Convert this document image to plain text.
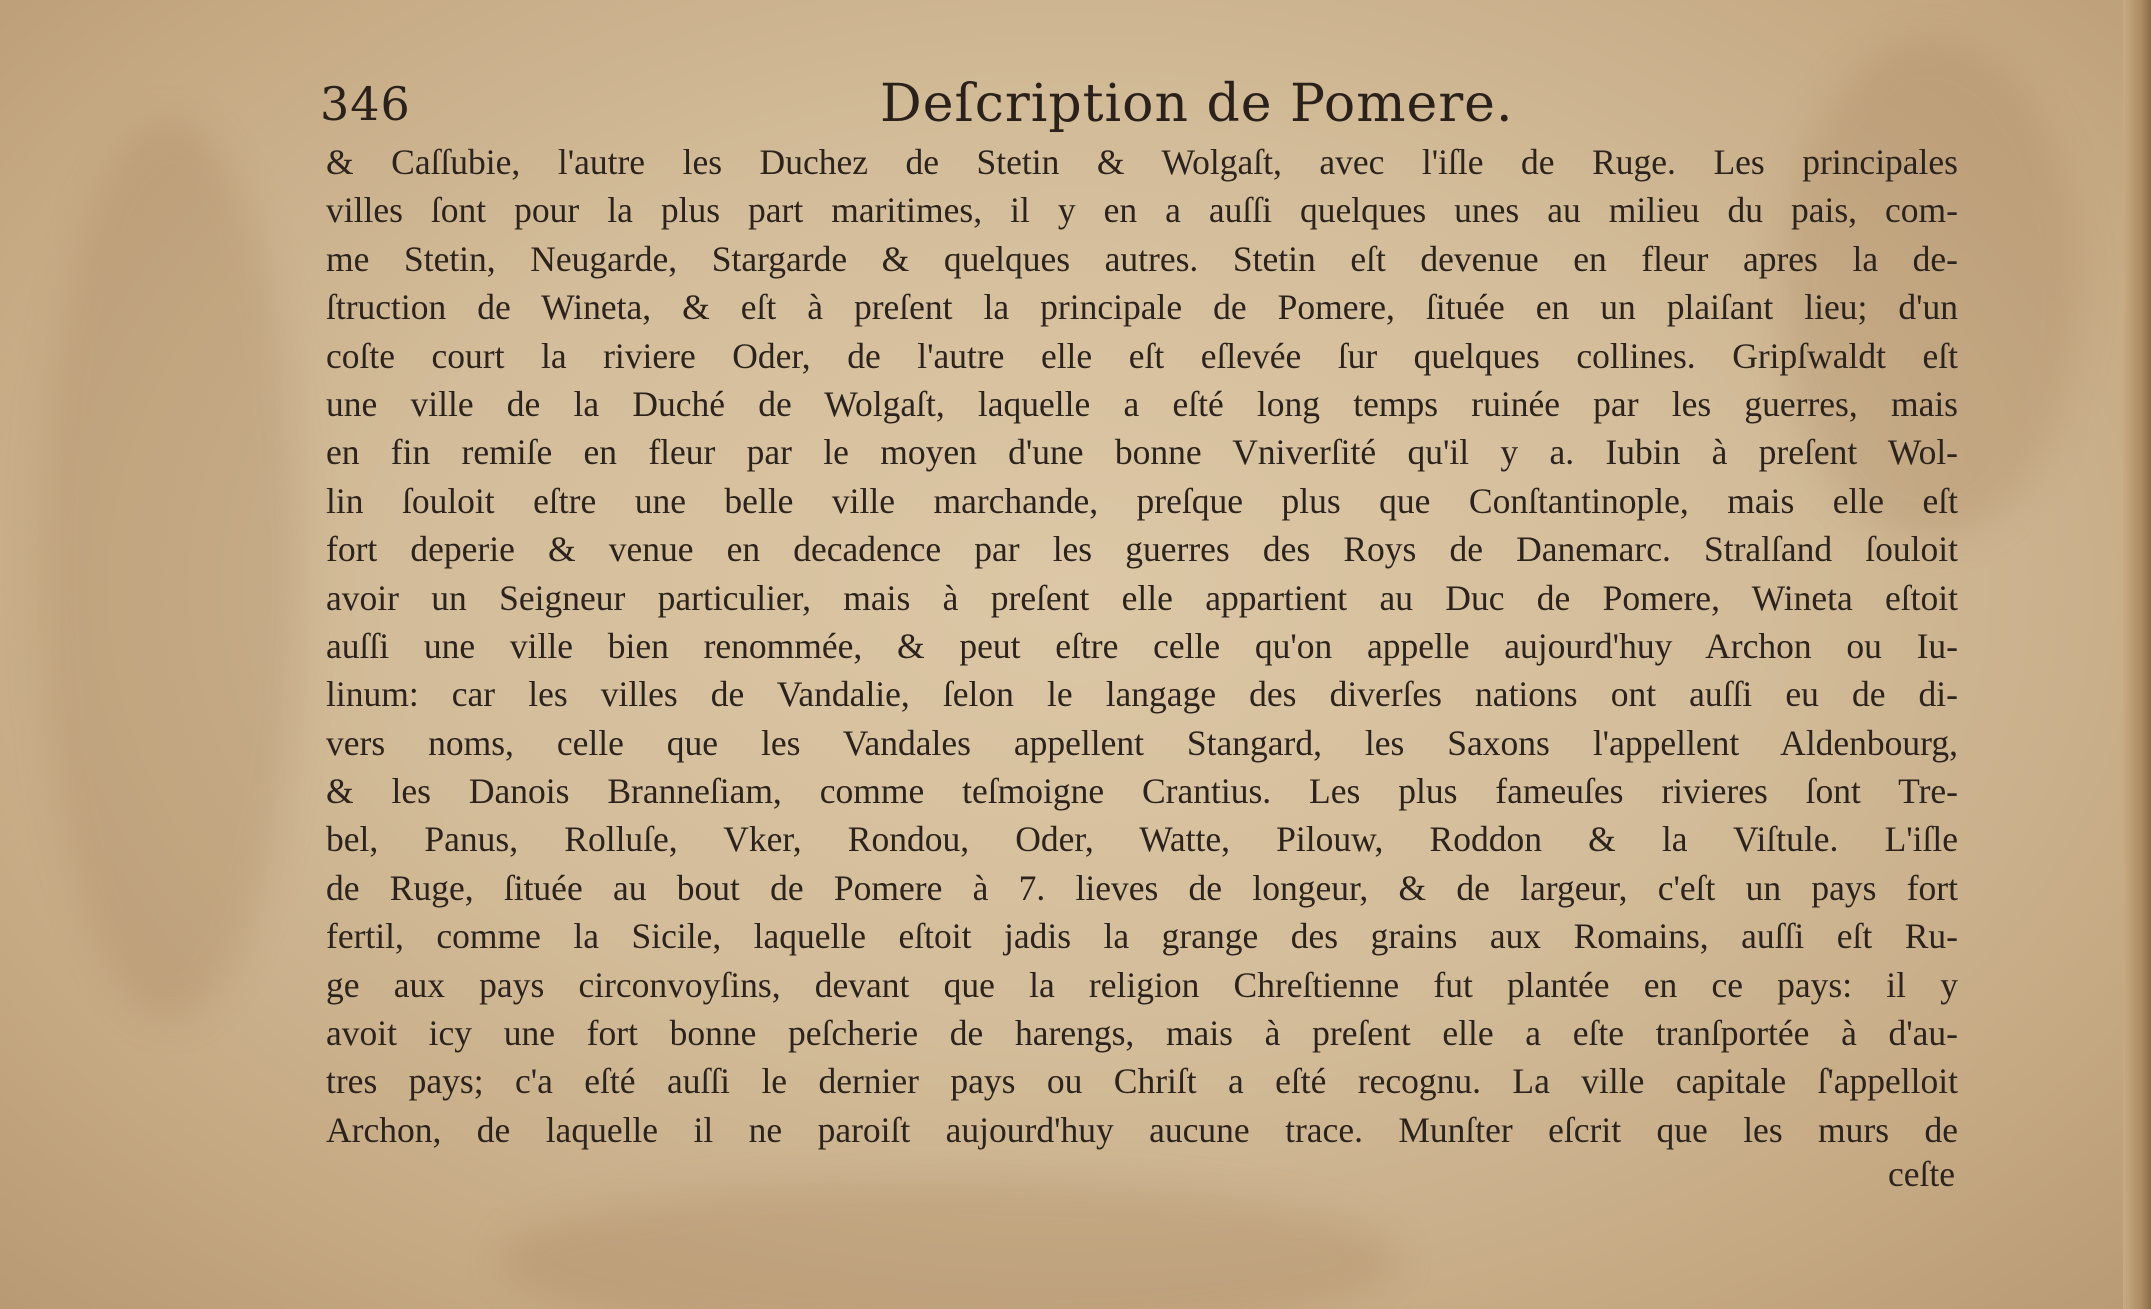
346	Deſcription de Pomere.
& Caſſubie, l'autre les Duchez de Stetin & Wolgaſt, avec l'iſle de Ruge. Les principales
villes ſont pour la plus part maritimes, il y en a auſſi quelques unes au milieu du pais, com-
me Stetin, Neugarde, Stargarde & quelques autres. Stetin eſt devenue en fleur apres la de-
ſtruction de Wineta, & eſt à preſent la principale de Pomere, ſituée en un plaiſant lieu; d'un
coſte court la riviere Oder, de l'autre elle eſt eſlevée ſur quelques collines. Gripſwaldt eſt
une ville de la Duché de Wolgaſt, laquelle a eſté long temps ruinée par les guerres, mais
en fin remiſe en fleur par le moyen d'une bonne Vniverſité qu'il y a. Iubin à preſent Wol-
lin ſouloit eſtre une belle ville marchande, preſque plus que Conſtantinople, mais elle eſt
fort deperie & venue en decadence par les guerres des Roys de Danemarc. Stralſand ſouloit
avoir un Seigneur particulier, mais à preſent elle appartient au Duc de Pomere, Wineta eſtoit
auſſi une ville bien renommée, & peut eſtre celle qu'on appelle aujourd'huy Archon ou Iu-
linum: car les villes de Vandalie, ſelon le langage des diverſes nations ont auſſi eu de di-
vers noms, celle que les Vandales appellent Stangard, les Saxons l'appellent Aldenbourg,
& les Danois Branneſiam, comme teſmoigne Crantius. Les plus fameuſes rivieres ſont Tre-
bel, Panus, Rolluſe, Vker, Rondou, Oder, Watte, Pilouw, Roddon & la Viſtule. L'iſle
de Ruge, ſituée au bout de Pomere à 7. lieves de longeur, & de largeur, c'eſt un pays fort
fertil, comme la Sicile, laquelle eſtoit jadis la grange des grains aux Romains, auſſi eſt Ru-
ge aux pays circonvoyſins, devant que la religion Chreſtienne fut plantée en ce pays: il y
avoit icy une fort bonne peſcherie de harengs, mais à preſent elle a eſte tranſportée à d'au-
tres pays; c'a eſté auſſi le dernier pays ou Chriſt a eſté recognu. La ville capitale ſ'appelloit
Archon, de laquelle il ne paroiſt aujourd'huy aucune trace. Munſter eſcrit que les murs de
ceſte
